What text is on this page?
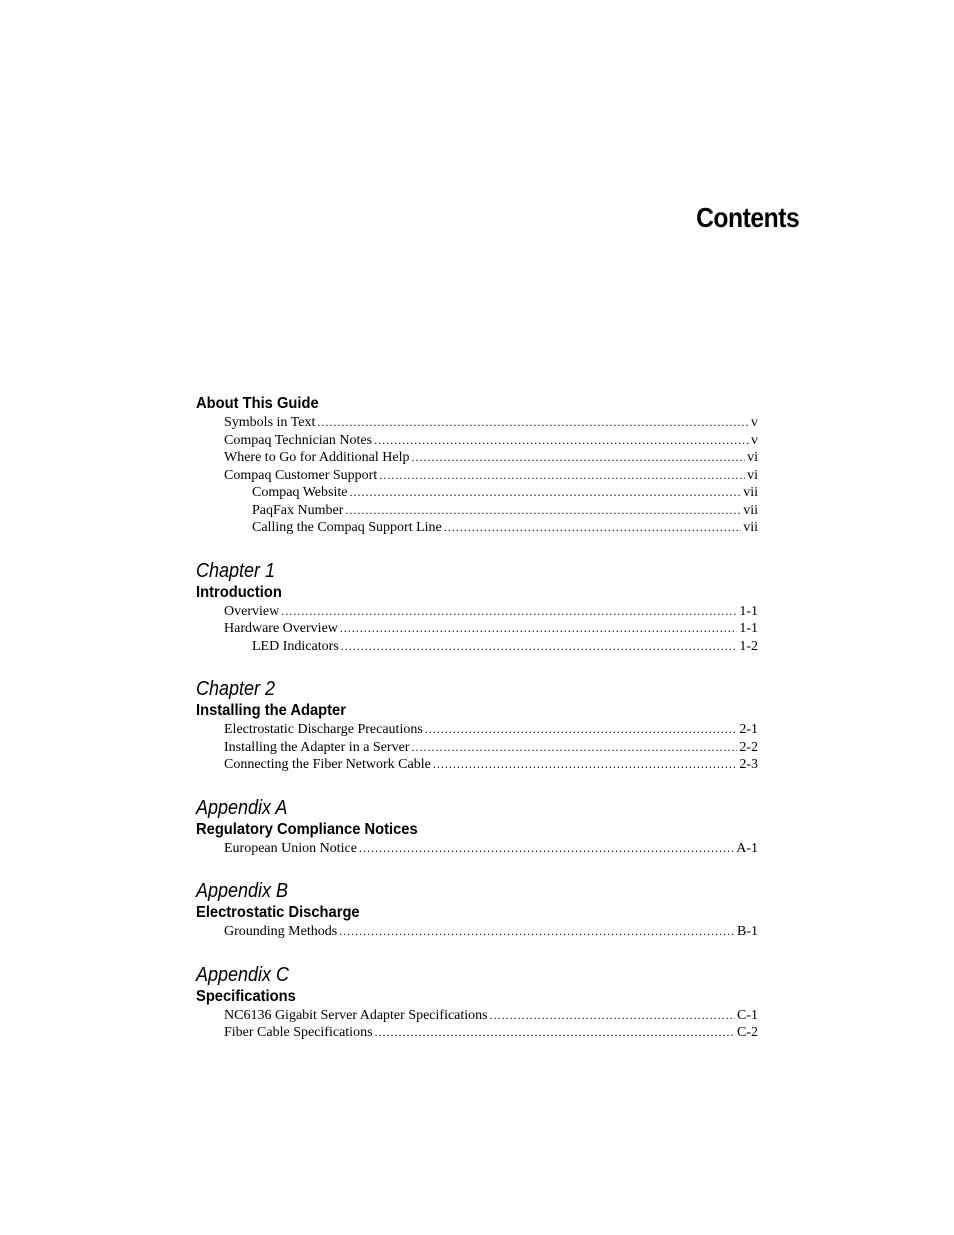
Contents
About This Guide
Symbols in Text .....	v
Compaq Technician Notes .....	v
Where to Go for Additional Help .....	vi
Compaq Customer Support .....	vi
Compaq Website .....	vii
PaqFax Number .....	vii
Calling the Compaq Support Line .....	vii
Chapter 1
Introduction
Overview .....	1-1
Hardware Overview .....	1-1
LED Indicators .....	1-2
Chapter 2
Installing the Adapter
Electrostatic Discharge Precautions .....	2-1
Installing the Adapter in a Server .....	2-2
Connecting the Fiber Network Cable .....	2-3
Appendix A
Regulatory Compliance Notices
European Union Notice .....	A-1
Appendix B
Electrostatic Discharge
Grounding Methods .....	B-1
Appendix C
Specifications
NC6136 Gigabit Server Adapter Specifications .....	C-1
Fiber Cable Specifications .....	C-2
